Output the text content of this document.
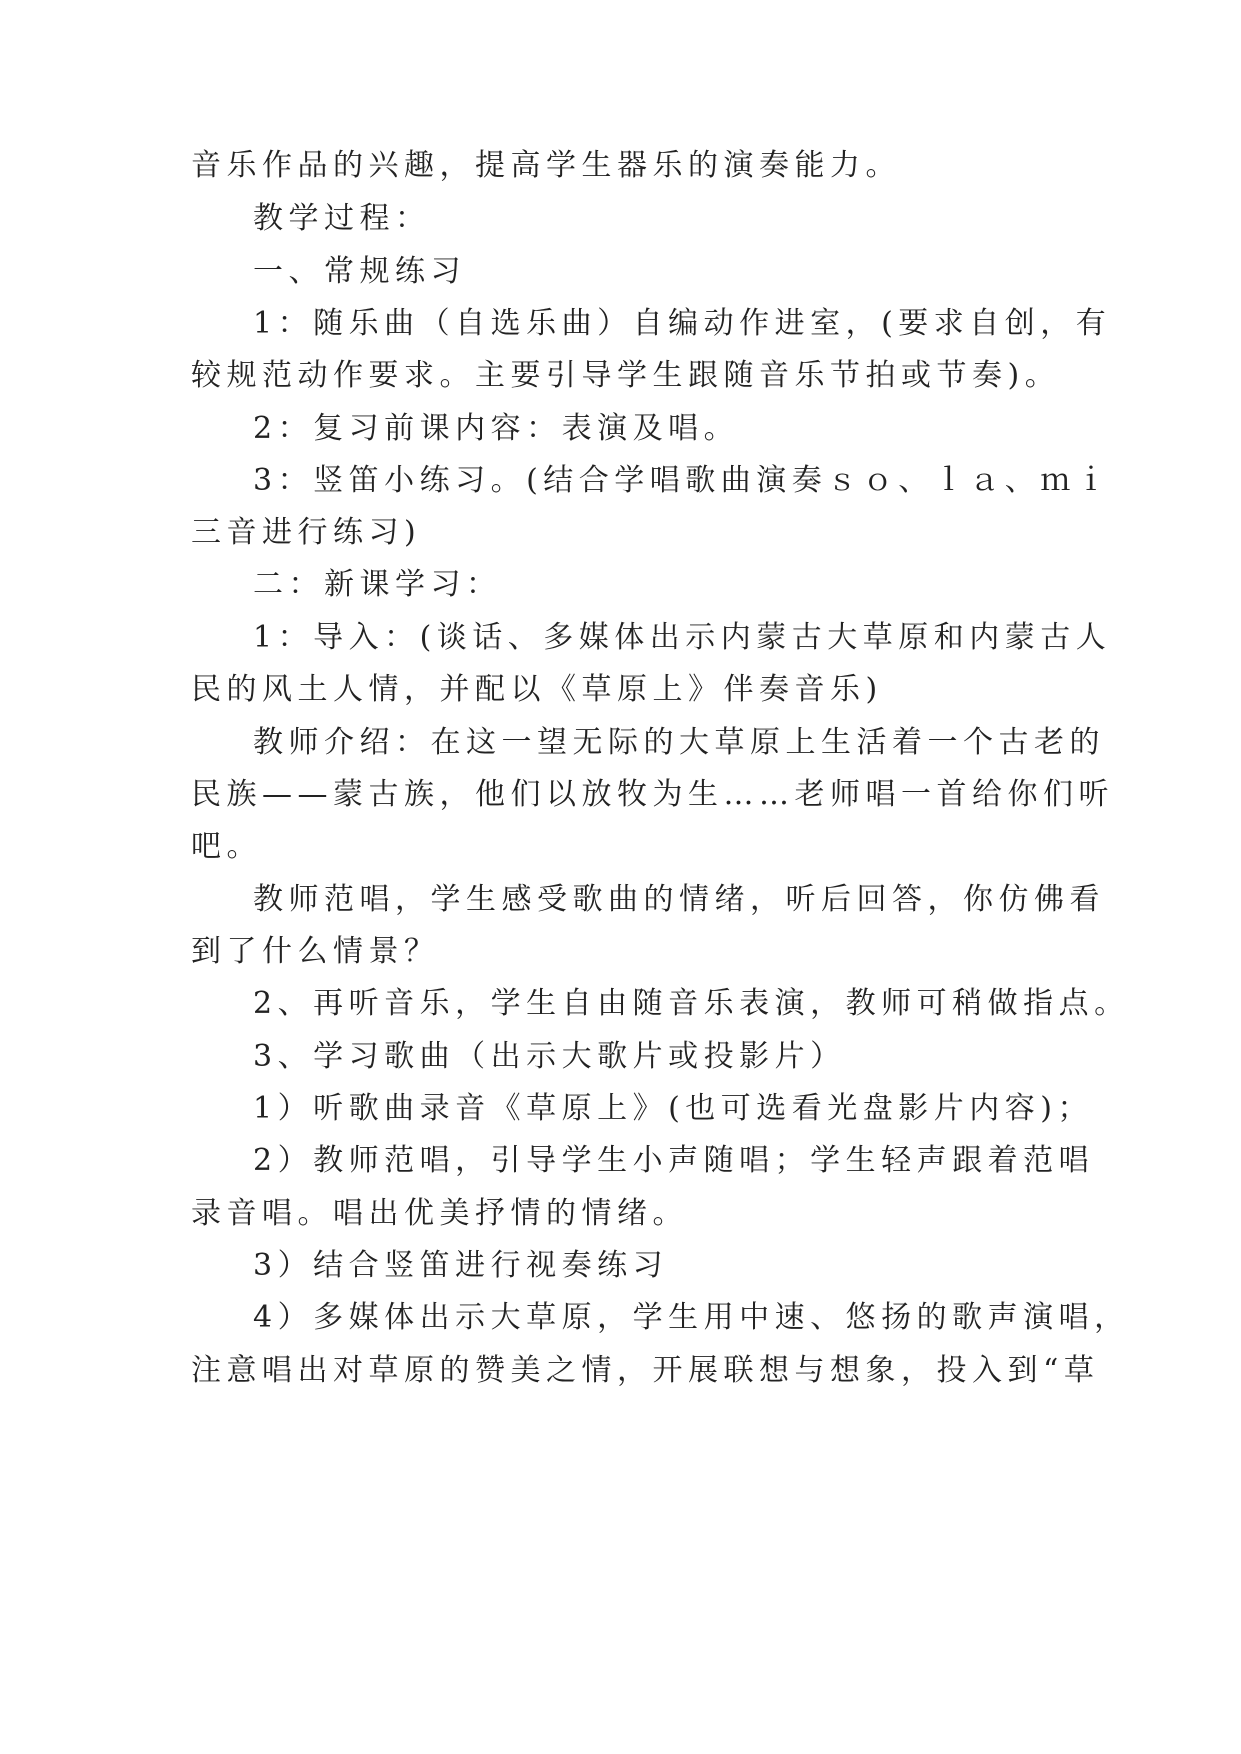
音乐作品的兴趣，提高学生器乐的演奏能力。
教学过程：
一、常规练习
1：随乐曲（自选乐曲）自编动作进室，(要求自创，有
较规范动作要求。主要引导学生跟随音乐节拍或节奏)。
2：复习前课内容：表演及唱。
3：竖笛小练习。(结合学唱歌曲演奏ｓｏ、ｌａ、ｍｉ
三音进行练习)
二：新课学习：
1：导入：(谈话、多媒体出示内蒙古大草原和内蒙古人
民的风土人情，并配以《草原上》伴奏音乐)
教师介绍：在这一望无际的大草原上生活着一个古老的
民族——蒙古族，他们以放牧为生……老师唱一首给你们听
吧。
教师范唱，学生感受歌曲的情绪，听后回答，你仿佛看
到了什么情景？
2、再听音乐，学生自由随音乐表演，教师可稍做指点。
3、学习歌曲（出示大歌片或投影片）
1）听歌曲录音《草原上》(也可选看光盘影片内容)；
2）教师范唱，引导学生小声随唱；学生轻声跟着范唱
录音唱。唱出优美抒情的情绪。
3）结合竖笛进行视奏练习
4）多媒体出示大草原，学生用中速、悠扬的歌声演唱，
注意唱出对草原的赞美之情，开展联想与想象，投入到“草
